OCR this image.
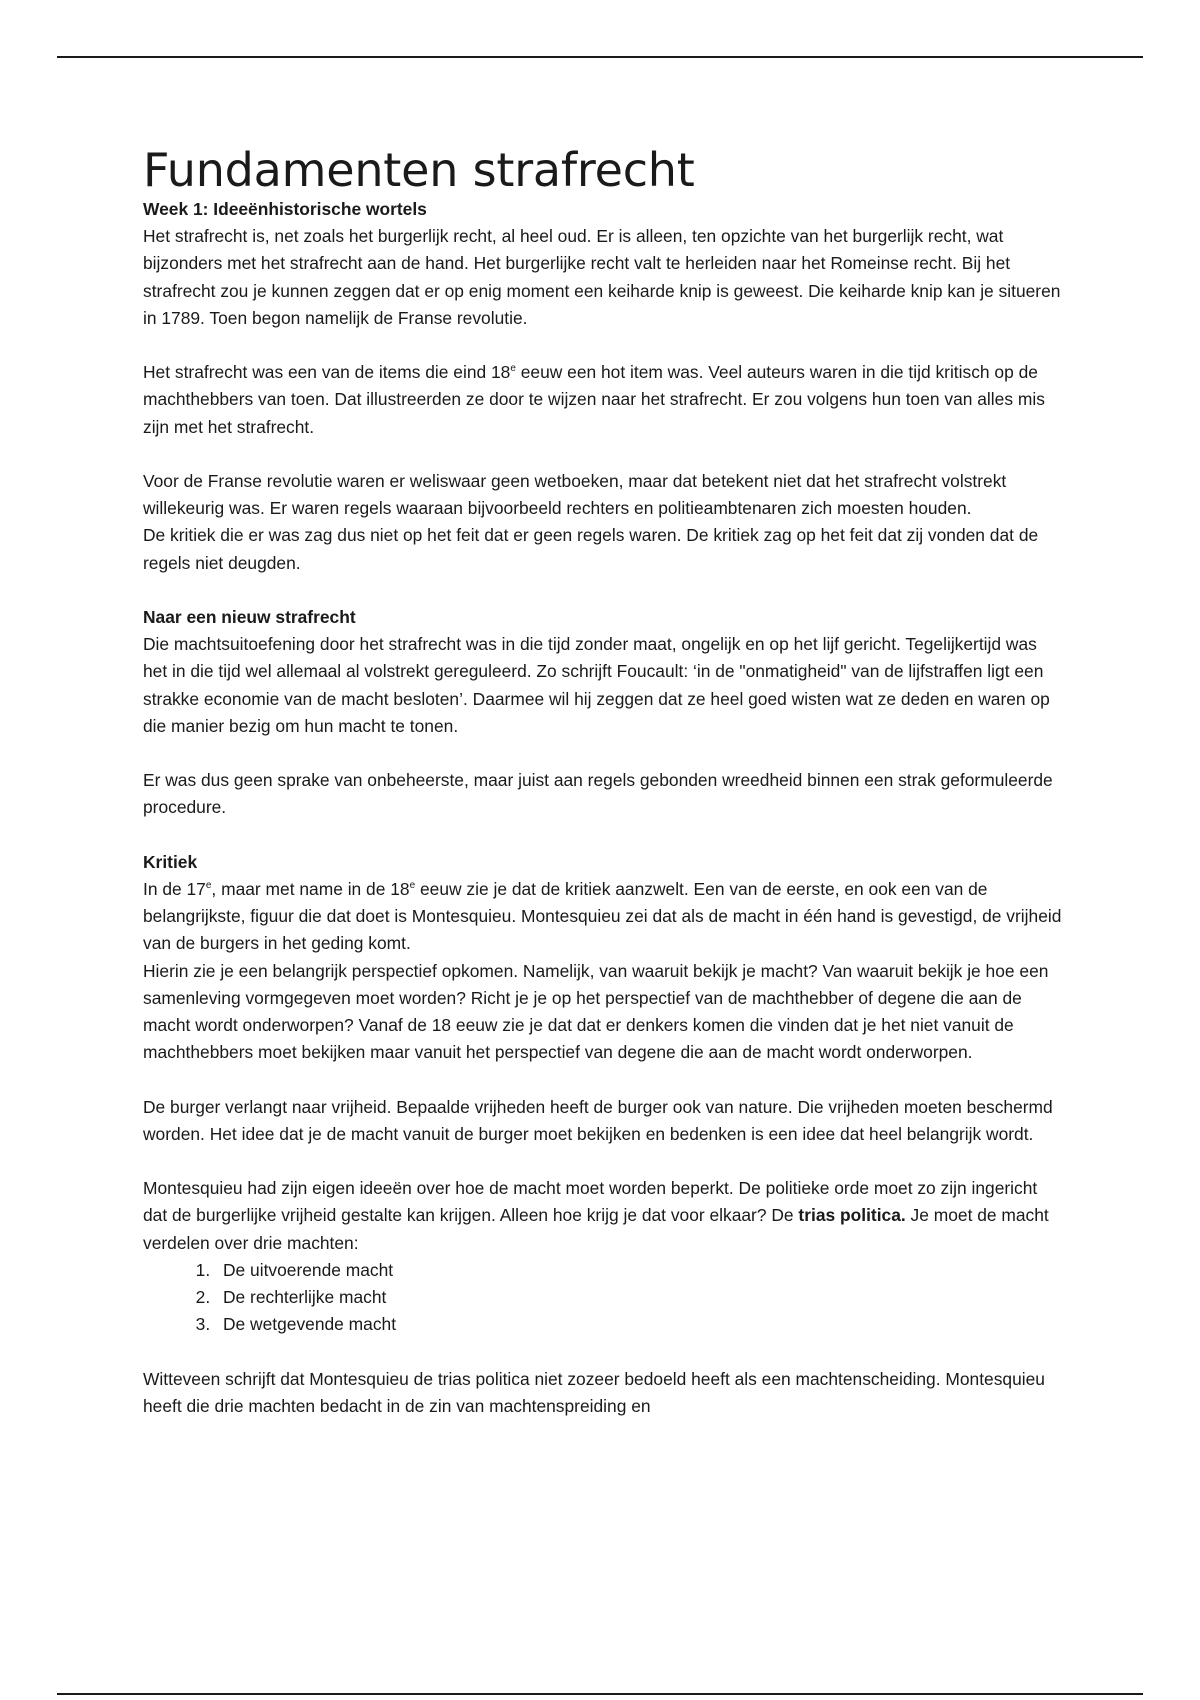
Fundamenten strafrecht

Week 1: Ideeënhistorische wortels

Het strafrecht is, net zoals het burgerlijk recht, al heel oud. Er is alleen, ten opzichte van het burgerlijk recht, wat bijzonders met het strafrecht aan de hand. Het burgerlijke recht valt te herleiden naar het Romeinse recht. Bij het strafrecht zou je kunnen zeggen dat er op enig moment een keiharde knip is geweest. Die keiharde knip kan je situeren in 1789. Toen begon namelijk de Franse revolutie.

Het strafrecht was een van de items die eind 18e eeuw een hot item was. Veel auteurs waren in die tijd kritisch op de machthebbers van toen. Dat illustreerden ze door te wijzen naar het strafrecht. Er zou volgens hun toen van alles mis zijn met het strafrecht.

Voor de Franse revolutie waren er weliswaar geen wetboeken, maar dat betekent niet dat het strafrecht volstrekt willekeurig was. Er waren regels waaraan bijvoorbeeld rechters en politieambtenaren zich moesten houden.

De kritiek die er was zag dus niet op het feit dat er geen regels waren. De kritiek zag op het feit dat zij vonden dat de regels niet deugden.

Naar een nieuw strafrecht

Die machtsuitoefening door het strafrecht was in die tijd zonder maat, ongelijk en op het lijf gericht. Tegelijkertijd was het in die tijd wel allemaal al volstrekt gereguleerd. Zo schrijft Foucault: ‘in de "onmatigheid" van de lijfstraffen ligt een strakke economie van de macht besloten’. Daarmee wil hij zeggen dat ze heel goed wisten wat ze deden en waren op die manier bezig om hun macht te tonen.

Er was dus geen sprake van onbeheerste, maar juist aan regels gebonden wreedheid binnen een strak geformuleerde procedure.

Kritiek

In de 17e, maar met name in de 18e eeuw zie je dat de kritiek aanzwelt. Een van de eerste, en ook een van de belangrijkste, figuur die dat doet is Montesquieu. Montesquieu zei dat als de macht in één hand is gevestigd, de vrijheid van de burgers in het geding komt.

Hierin zie je een belangrijk perspectief opkomen. Namelijk, van waaruit bekijk je macht? Van waaruit bekijk je hoe een samenleving vormgegeven moet worden? Richt je je op het perspectief van de machthebber of degene die aan de macht wordt onderworpen? Vanaf de 18 eeuw zie je dat dat er denkers komen die vinden dat je het niet vanuit de machthebbers moet bekijken maar vanuit het perspectief van degene die aan de macht wordt onderworpen.

De burger verlangt naar vrijheid. Bepaalde vrijheden heeft de burger ook van nature. Die vrijheden moeten beschermd worden. Het idee dat je de macht vanuit de burger moet bekijken en bedenken is een idee dat heel belangrijk wordt.

Montesquieu had zijn eigen ideeën over hoe de macht moet worden beperkt. De politieke orde moet zo zijn ingericht dat de burgerlijke vrijheid gestalte kan krijgen. Alleen hoe krijg je dat voor elkaar? De trias politica. Je moet de macht verdelen over drie machten:

1. De uitvoerende macht
2. De rechterlijke macht
3. De wetgevende macht

Witteveen schrijft dat Montesquieu de trias politica niet zozeer bedoeld heeft als een machtenscheiding. Montesquieu heeft die drie machten bedacht in de zin van machtenspreiding en
